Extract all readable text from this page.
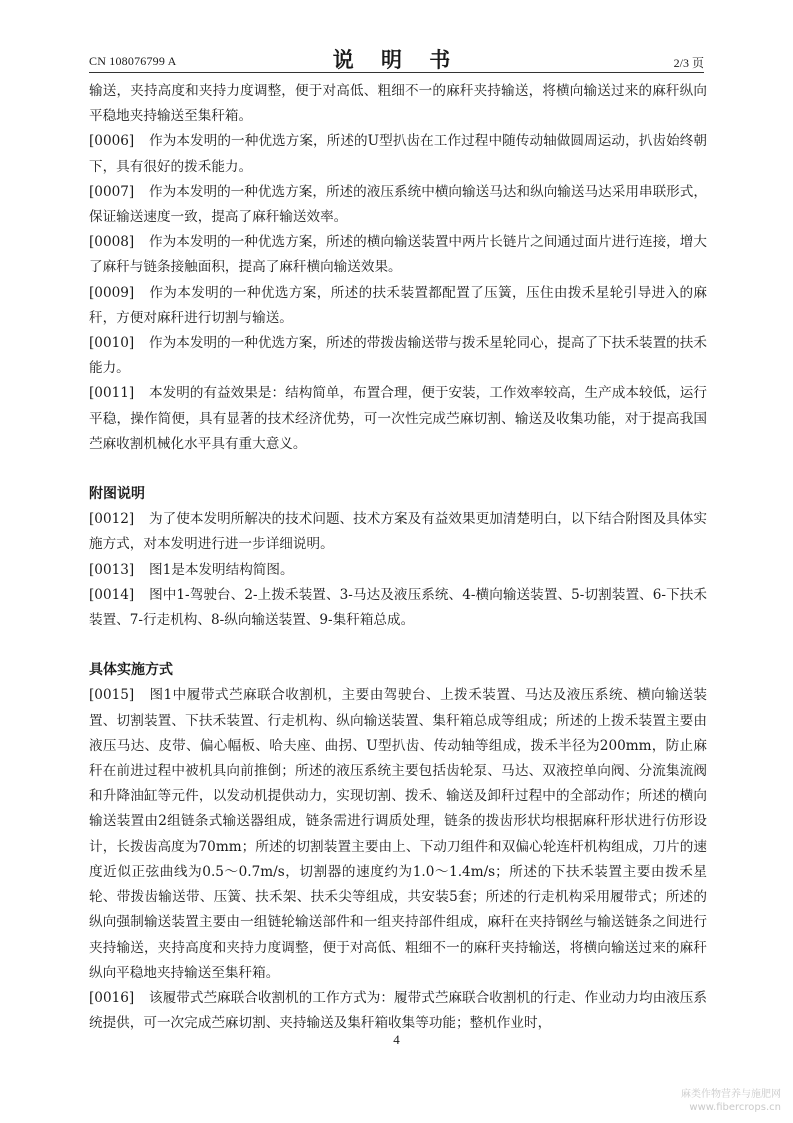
CN 108076799 A	说 明 书	2/3 页

输送，夹持高度和夹持力度调整，便于对高低、粗细不一的麻秆夹持输送，将横向输送过来的麻秆纵向平稳地夹持输送至集秆箱。

[0006] 作为本发明的一种优选方案，所述的U型扒齿在工作过程中随传动轴做圆周运动，扒齿始终朝下，具有很好的拨禾能力。

[0007] 作为本发明的一种优选方案，所述的液压系统中横向输送马达和纵向输送马达采用串联形式，保证输送速度一致，提高了麻秆输送效率。

[0008] 作为本发明的一种优选方案，所述的横向输送装置中两片长链片之间通过面片进行连接，增大了麻秆与链条接触面积，提高了麻秆横向输送效果。

[0009] 作为本发明的一种优选方案，所述的扶禾装置都配置了压簧，压住由拨禾星轮引导进入的麻秆，方便对麻秆进行切割与输送。

[0010] 作为本发明的一种优选方案，所述的带拨齿输送带与拨禾星轮同心，提高了下扶禾装置的扶禾能力。

[0011] 本发明的有益效果是：结构简单，布置合理，便于安装，工作效率较高，生产成本较低，运行平稳，操作简便，具有显著的技术经济优势，可一次性完成苎麻切割、输送及收集功能，对于提高我国苎麻收割机械化水平具有重大意义。

附图说明

[0012] 为了使本发明所解决的技术问题、技术方案及有益效果更加清楚明白，以下结合附图及具体实施方式，对本发明进行进一步详细说明。

[0013] 图1是本发明结构简图。

[0014] 图中1-驾驶台、2-上拨禾装置、3-马达及液压系统、4-横向输送装置、5-切割装置、6-下扶禾装置、7-行走机构、8-纵向输送装置、9-集秆箱总成。

具体实施方式

[0015] 图1中履带式苎麻联合收割机，主要由驾驶台、上拨禾装置、马达及液压系统、横向输送装置、切割装置、下扶禾装置、行走机构、纵向输送装置、集秆箱总成等组成；所述的上拨禾装置主要由液压马达、皮带、偏心幅板、哈夫座、曲拐、U型扒齿、传动轴等组成，拨禾半径为200mm，防止麻秆在前进过程中被机具向前推倒；所述的液压系统主要包括齿轮泵、马达、双液控单向阀、分流集流阀和升降油缸等元件，以发动机提供动力，实现切割、拨禾、输送及卸秆过程中的全部动作；所述的横向输送装置由2组链条式输送器组成，链条需进行调质处理，链条的拨齿形状均根据麻秆形状进行仿形设计，长拨齿高度为70mm；所述的切割装置主要由上、下动刀组件和双偏心轮连杆机构组成，刀片的速度近似正弦曲线为0.5～0.7m/s，切割器的速度约为1.0～1.4m/s；所述的下扶禾装置主要由拨禾星轮、带拨齿输送带、压簧、扶禾架、扶禾尖等组成，共安装5套；所述的行走机构采用履带式；所述的纵向强制输送装置主要由一组链轮输送部件和一组夹持部件组成，麻秆在夹持钢丝与输送链条之间进行夹持输送，夹持高度和夹持力度调整，便于对高低、粗细不一的麻秆夹持输送，将横向输送过来的麻秆纵向平稳地夹持输送至集秆箱。

[0016] 该履带式苎麻联合收割机的工作方式为：履带式苎麻联合收割机的行走、作业动力均由液压系统提供，可一次完成苎麻切割、夹持输送及集秆箱收集等功能；整机作业时，

4
麻类作物营养与施肥网
www.fibercrops.cn
